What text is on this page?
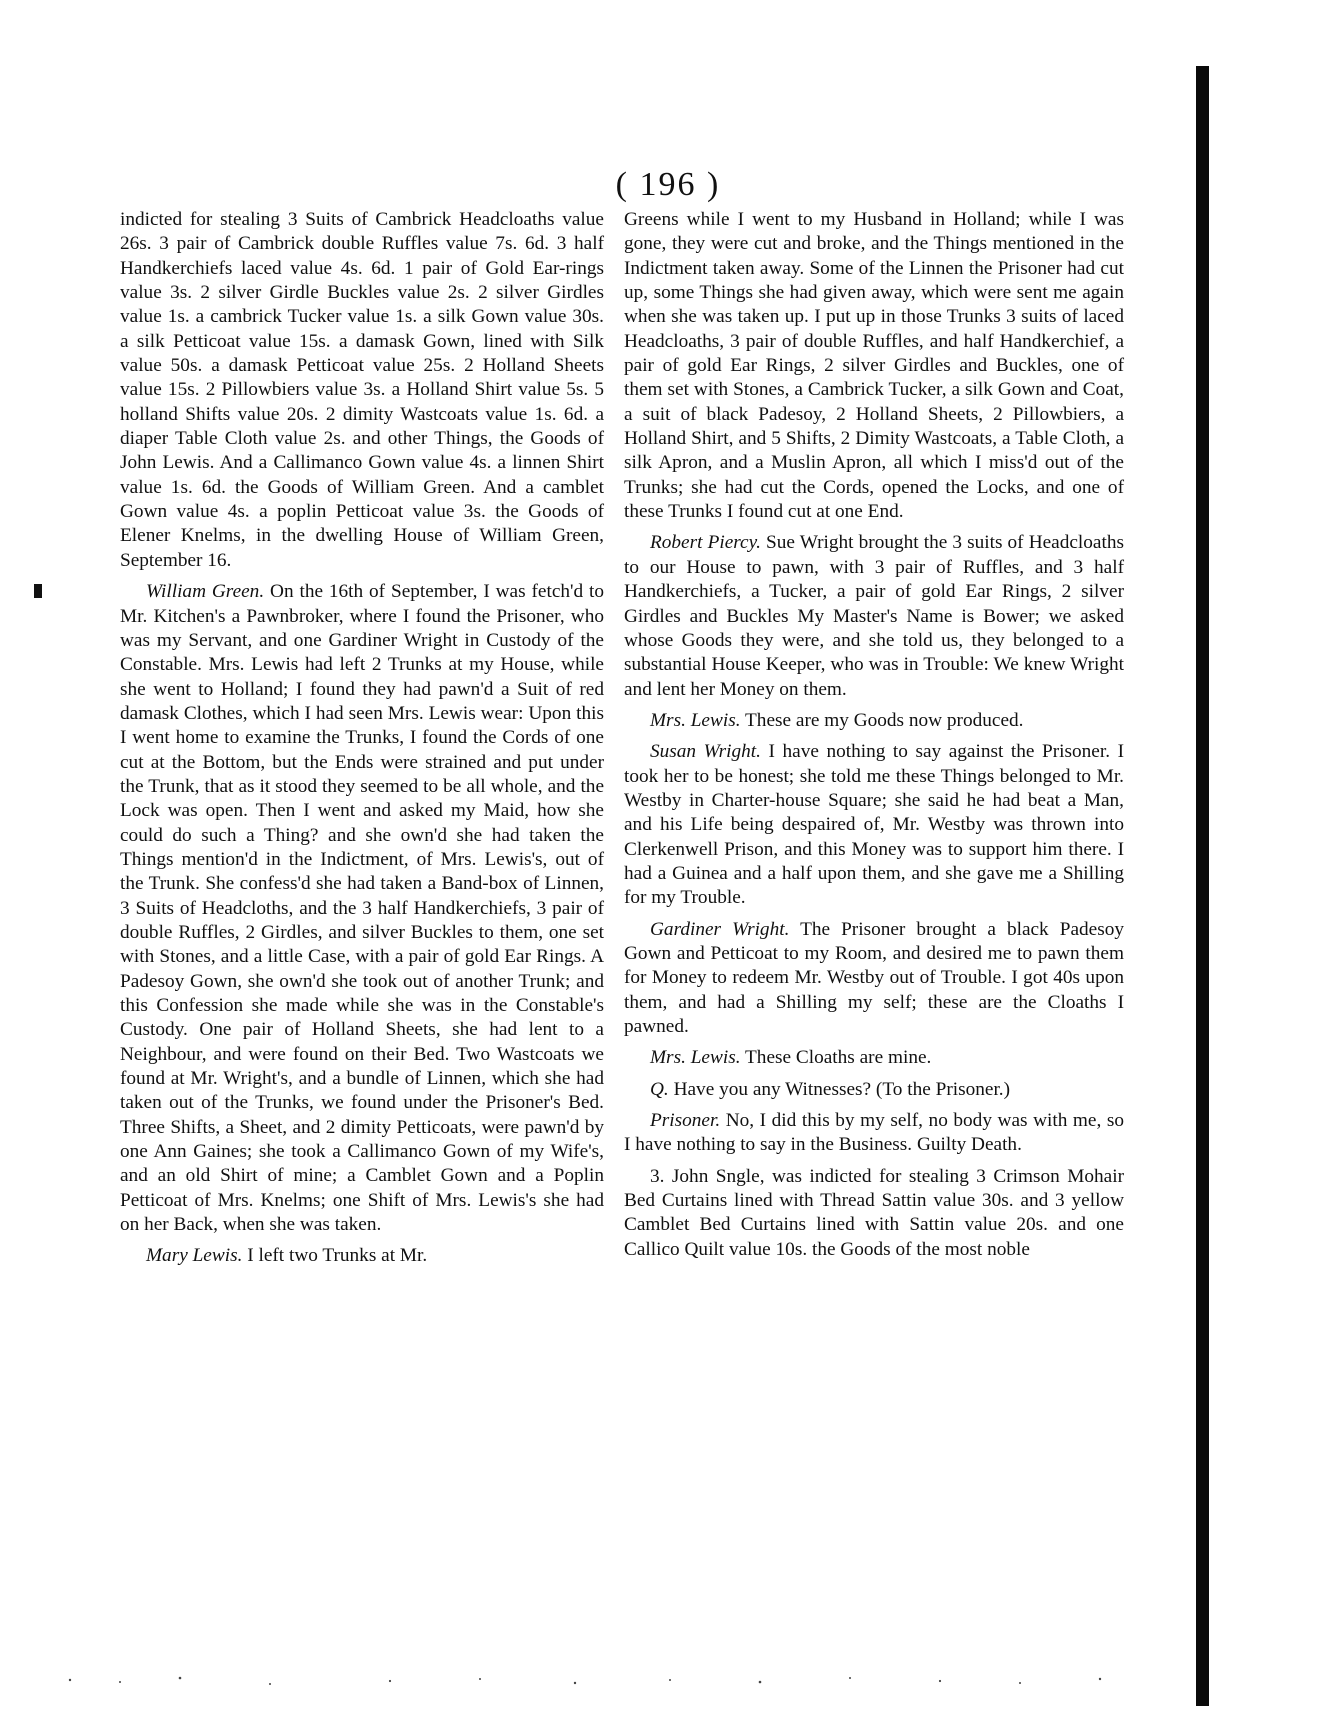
( 196 )

indicted for stealing 3 Suits of Cambrick Headcloaths value 26s. 3 pair of Cambrick double Ruffles value 7s. 6d. 3 half Handkerchiefs laced value 4s. 6d. 1 pair of Gold Ear-rings value 3s. 2 silver Girdle Buckles value 2s. 2 silver Girdles value 1s. a cambrick Tucker value 1s. a silk Gown value 30s. a silk Petticoat value 15s. a damask Gown, lined with Silk value 50s. a damask Petticoat value 25s. 2 Holland Sheets value 15s. 2 Pillowbiers value 3s. a Holland Shirt value 5s. 5 holland Shifts value 20s. 2 dimity Wastcoats value 1s. 6d. a diaper Table Cloth value 2s. and other Things, the Goods of John Lewis. And a Callimanco Gown value 4s. a linnen Shirt value 1s. 6d. the Goods of William Green. And a camblet Gown value 4s. a poplin Petticoat value 3s. the Goods of Elener Knelms, in the dwelling House of William Green, September 16.

William Green. On the 16th of September, I was fetch'd to Mr. Kitchen's a Pawnbroker, where I found the Prisoner, who was my Servant, and one Gardiner Wright in Custody of the Constable. Mrs. Lewis had left 2 Trunks at my House, while she went to Holland; I found they had pawn'd a Suit of red damask Clothes, which I had seen Mrs. Lewis wear: Upon this I went home to examine the Trunks, I found the Cords of one cut at the Bottom, but the Ends were strained and put under the Trunk, that as it stood they seemed to be all whole, and the Lock was open. Then I went and asked my Maid, how she could do such a Thing? and she own'd she had taken the Things mention'd in the Indictment, of Mrs. Lewis's, out of the Trunk. She confess'd she had taken a Band-box of Linnen, 3 Suits of Headcloths, and the 3 half Handkerchiefs, 3 pair of double Ruffles, 2 Girdles, and silver Buckles to them, one set with Stones, and a little Case, with a pair of gold Ear Rings. A Padesoy Gown, she own'd she took out of another Trunk; and this Confession she made while she was in the Constable's Custody. One pair of Holland Sheets, she had lent to a Neighbour, and were found on their Bed. Two Wastcoats we found at Mr. Wright's, and a bundle of Linnen, which she had taken out of the Trunks, we found under the Prisoner's Bed. Three Shifts, a Sheet, and 2 dimity Petticoats, were pawn'd by one Ann Gaines; she took a Callimanco Gown of my Wife's, and an old Shirt of mine; a Camblet Gown and a Poplin Petticoat of Mrs. Knelms; one Shift of Mrs. Lewis's she had on her Back, when she was taken.

Mary Lewis. I left two Trunks at Mr.

Greens while I went to my Husband in Holland; while I was gone, they were cut and broke, and the Things mentioned in the Indictment taken away. Some of the Linnen the Prisoner had cut up, some Things she had given away, which were sent me again when she was taken up. I put up in those Trunks 3 suits of laced Headcloaths, 3 pair of double Ruffles, and half Handkerchief, a pair of gold Ear Rings, 2 silver Girdles and Buckles, one of them set with Stones, a Cambrick Tucker, a silk Gown and Coat, a suit of black Padesoy, 2 Holland Sheets, 2 Pillowbiers, a Holland Shirt, and 5 Shifts, 2 Dimity Wastcoats, a Table Cloth, a silk Apron, and a Muslin Apron, all which I miss'd out of the Trunks; she had cut the Cords, opened the Locks, and one of these Trunks I found cut at one End.

Robert Piercy. Sue Wright brought the 3 suits of Headcloaths to our House to pawn, with 3 pair of Ruffles, and 3 half Handkerchiefs, a Tucker, a pair of gold Ear Rings, 2 silver Girdles and Buckles My Master's Name is Bower; we asked whose Goods they were, and she told us, they belonged to a substantial House Keeper, who was in Trouble: We knew Wright and lent her Money on them.

Mrs. Lewis. These are my Goods now produced.

Susan Wright. I have nothing to say against the Prisoner. I took her to be honest; she told me these Things belonged to Mr. Westby in Charter-house Square; she said he had beat a Man, and his Life being despaired of, Mr. Westby was thrown into Clerkenwell Prison, and this Money was to support him there. I had a Guinea and a half upon them, and she gave me a Shilling for my Trouble.

Gardiner Wright. The Prisoner brought a black Padesoy Gown and Petticoat to my Room, and desired me to pawn them for Money to redeem Mr. Westby out of Trouble. I got 40s upon them, and had a Shilling my self; these are the Cloaths I pawned.

Mrs. Lewis. These Cloaths are mine.

Q. Have you any Witnesses? (To the Prisoner.)

Prisoner. No, I did this by my self, no body was with me, so I have nothing to say in the Business. Guilty Death.

3. John Sngle, was indicted for stealing 3 Crimson Mohair Bed Curtains lined with Thread Sattin value 30s. and 3 yellow Camblet Bed Curtains lined with Sattin value 20s. and one Callico Quilt value 10s. the Goods of the most noble
